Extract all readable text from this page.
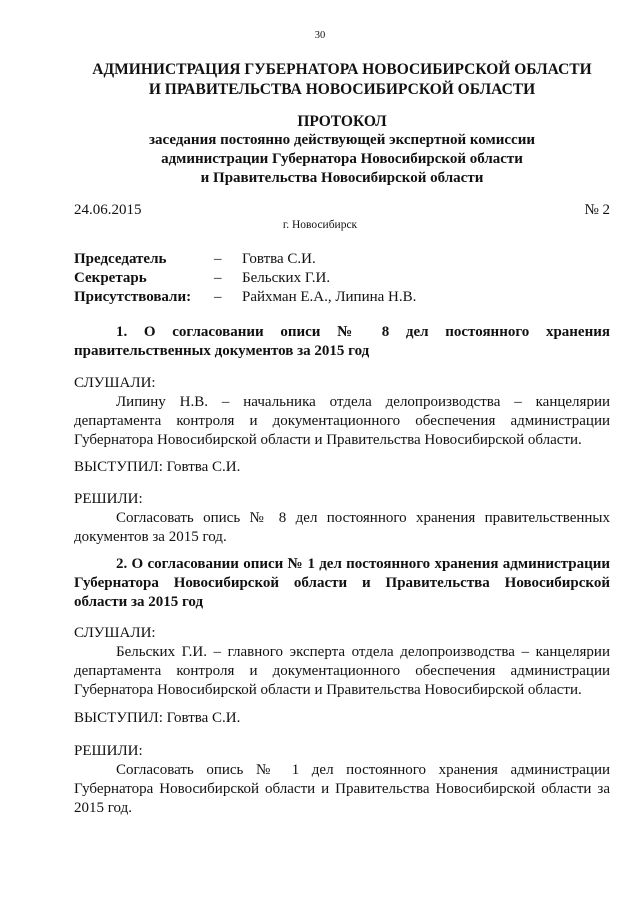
30
АДМИНИСТРАЦИЯ ГУБЕРНАТОРА НОВОСИБИРСКОЙ ОБЛАСТИ
И ПРАВИТЕЛЬСТВА НОВОСИБИРСКОЙ ОБЛАСТИ
ПРОТОКОЛ
заседания постоянно действующей экспертной комиссии
администрации Губернатора Новосибирской области
и Правительства Новосибирской области
24.06.2015	№ 2
г. Новосибирск
Председатель	– Говтва С.И.
Секретарь	– Бельских Г.И.
Присутствовали: – Райхман Е.А., Липина Н.В.
1. О согласовании описи № 8 дел постоянного хранения правительственных документов за 2015 год
СЛУШАЛИ:
Липину Н.В. – начальника отдела делопроизводства – канцелярии департамента контроля и документационного обеспечения администрации Губернатора Новосибирской области и Правительства Новосибирской области.
ВЫСТУПИЛ: Говтва С.И.
РЕШИЛИ:
Согласовать опись № 8 дел постоянного хранения правительственных документов за 2015 год.
2. О согласовании описи № 1 дел постоянного хранения администрации Губернатора Новосибирской области и Правительства Новосибирской области за 2015 год
СЛУШАЛИ:
Бельских Г.И. – главного эксперта отдела делопроизводства – канцелярии департамента контроля и документационного обеспечения администрации Губернатора Новосибирской области и Правительства Новосибирской области.
ВЫСТУПИЛ: Говтва С.И.
РЕШИЛИ:
Согласовать опись № 1 дел постоянного хранения администрации Губернатора Новосибирской области и Правительства Новосибирской области за 2015 год.
